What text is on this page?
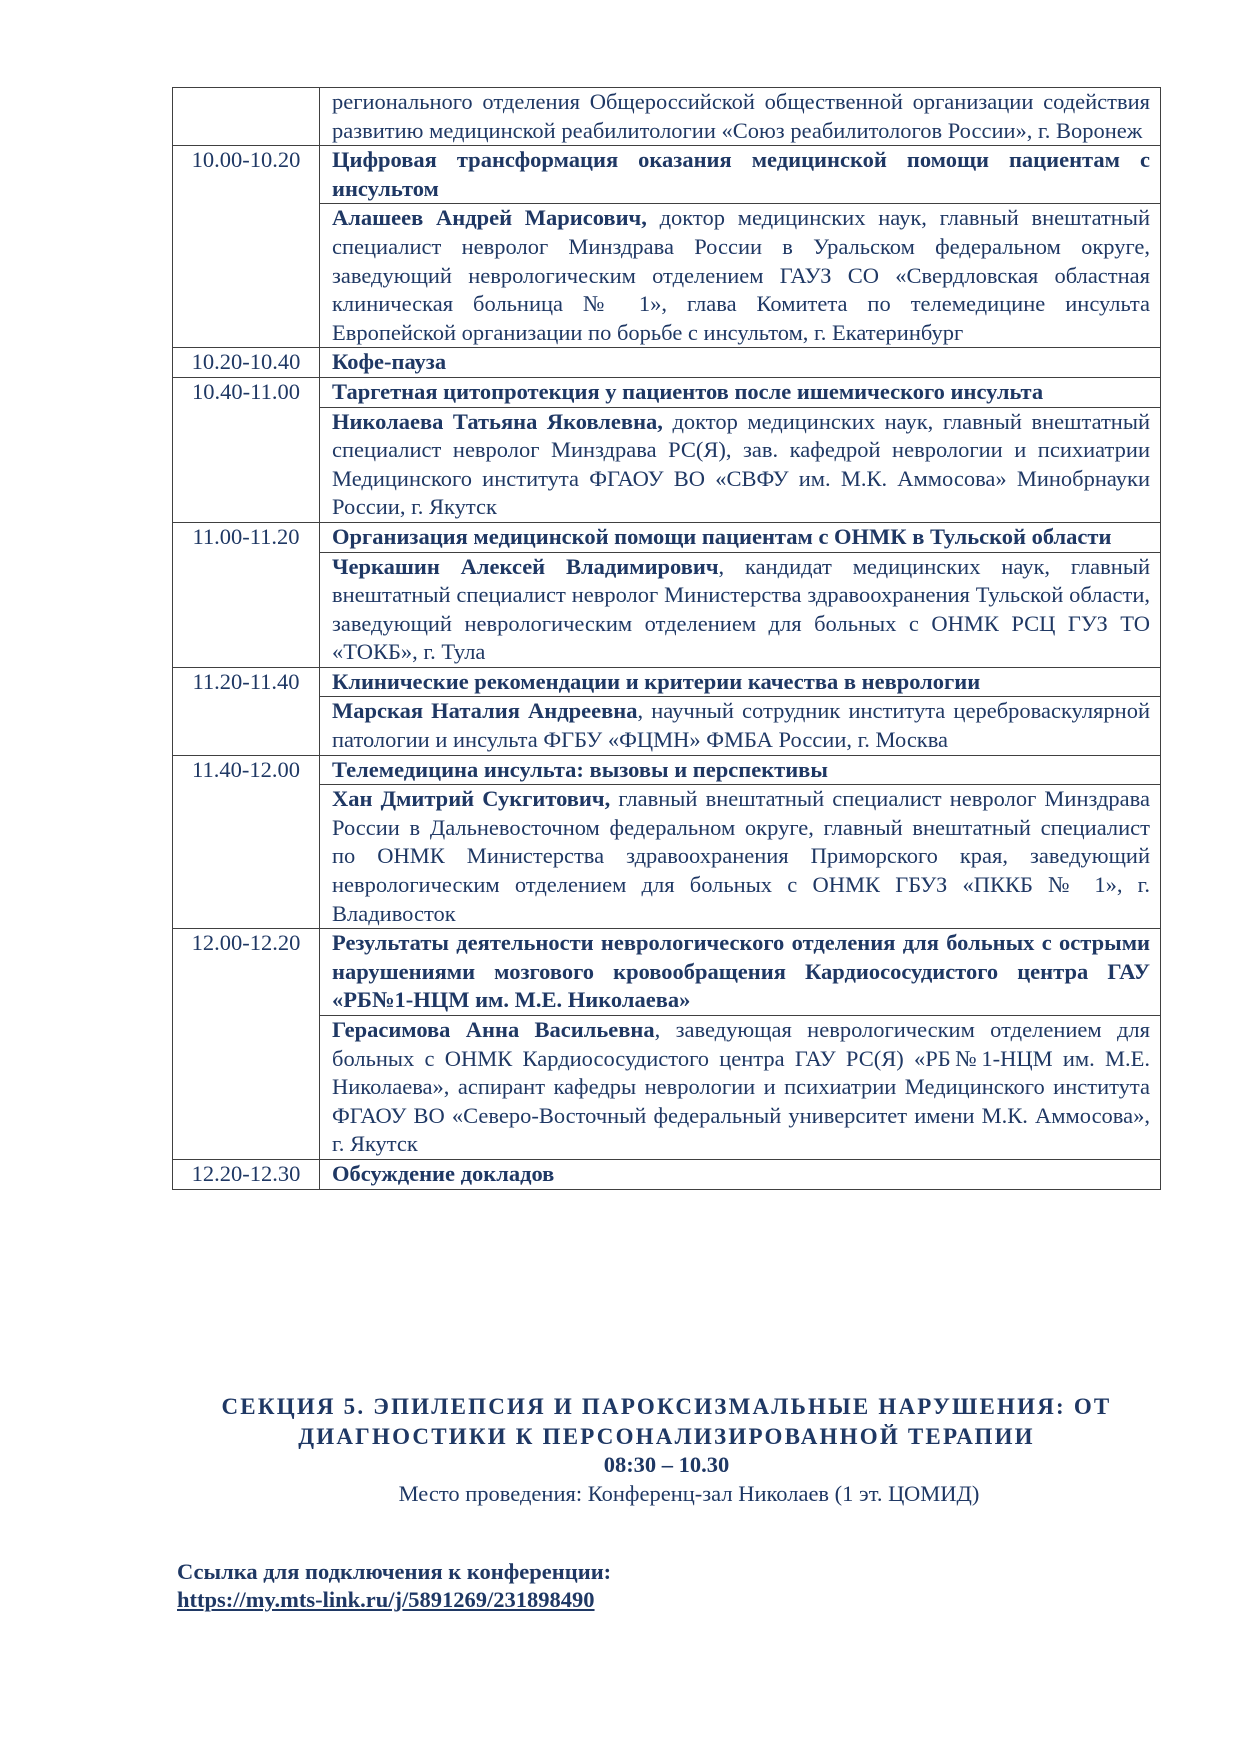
	регионального отделения Общероссийской общественной организации содействия развитию медицинской реабилитологии «Союз реабилитологов России», г. Воронеж
10.00-10.20	Цифровая трансформация оказания медицинской помощи пациентам с инсультом
	Алашеев Андрей Марисович, доктор медицинских наук, главный внештатный специалист невролог Минздрава России в Уральском федеральном округе, заведующий неврологическим отделением ГАУЗ СО «Свердловская областная клиническая больница № 1», глава Комитета по телемедицине инсульта Европейской организации по борьбе с инсультом, г. Екатеринбург
10.20-10.40	Кофе-пауза
10.40-11.00	Таргетная цитопротекция у пациентов после ишемического инсульта
	Николаева Татьяна Яковлевна, доктор медицинских наук, главный внештатный специалист невролог Минздрава РС(Я), зав. кафедрой неврологии и психиатрии Медицинского института ФГАОУ ВО «СВФУ им. М.К. Аммосова» Минобрнауки России, г. Якутск
11.00-11.20	Организация медицинской помощи пациентам с ОНМК в Тульской области
	Черкашин Алексей Владимирович, кандидат медицинских наук, главный внештатный специалист невролог Министерства здравоохранения Тульской области, заведующий неврологическим отделением для больных с ОНМК РСЦ ГУЗ ТО «ТОКБ», г. Тула
11.20-11.40	Клинические рекомендации и критерии качества в неврологии
	Марская Наталия Андреевна, научный сотрудник института цереброваскулярной патологии и инсульта ФГБУ «ФЦМН» ФМБА России, г. Москва
11.40-12.00	Телемедицина инсульта: вызовы и перспективы
	Хан Дмитрий Сукгитович, главный внештатный специалист невролог Минздрава России в Дальневосточном федеральном округе, главный внештатный специалист по ОНМК Министерства здравоохранения Приморского края, заведующий неврологическим отделением для больных с ОНМК ГБУЗ «ПККБ № 1», г. Владивосток
12.00-12.20	Результаты деятельности неврологического отделения для больных с острыми нарушениями мозгового кровообращения Кардиососудистого центра ГАУ «РБ№1-НЦМ им. М.Е. Николаева»
	Герасимова Анна Васильевна, заведующая неврологическим отделением для больных с ОНМК Кардиососудистого центра ГАУ РС(Я) «РБ№1-НЦМ им. М.Е. Николаева», аспирант кафедры неврологии и психиатрии Медицинского института ФГАОУ ВО «Северо-Восточный федеральный университет имени М.К. Аммосова», г. Якутск
12.20-12.30	Обсуждение докладов
СЕКЦИЯ 5. ЭПИЛЕПСИЯ И ПАРОКСИЗМАЛЬНЫЕ НАРУШЕНИЯ: ОТ
ДИАГНОСТИКИ К ПЕРСОНАЛИЗИРОВАННОЙ ТЕРАПИИ
08:30 – 10.30
Место проведения: Конференц-зал Николаев (1 эт. ЦОМИД)
Ссылка для подключения к конференции:
https://my.mts-link.ru/j/5891269/231898490
